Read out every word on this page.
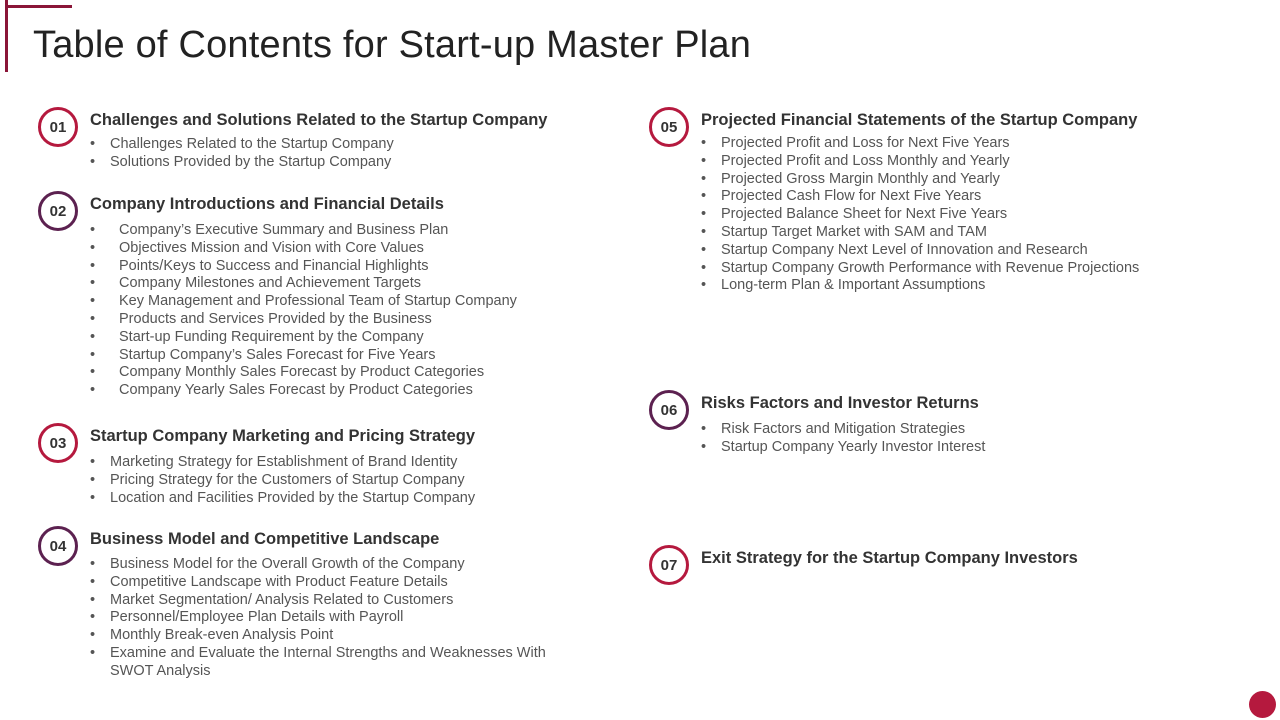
Table of Contents for Start-up Master Plan
01	Challenges and Solutions Related to the Startup Company
• Challenges Related to the Startup Company
• Solutions Provided by the Startup Company
02	Company Introductions and Financial Details
• Company’s Executive Summary and Business Plan
• Objectives Mission and Vision with Core Values
• Points/Keys to Success and Financial Highlights
• Company Milestones and Achievement Targets
• Key Management and Professional Team of Startup Company
• Products and Services Provided by the Business
• Start-up Funding Requirement by the Company
• Startup Company’s Sales Forecast for Five Years
• Company Monthly Sales Forecast by Product Categories
• Company Yearly Sales Forecast by Product Categories
03	Startup Company Marketing and Pricing Strategy
• Marketing Strategy for Establishment of Brand Identity
• Pricing Strategy for the Customers of Startup Company
• Location and Facilities Provided by the Startup Company
04	Business Model and Competitive Landscape
• Business Model for the Overall Growth of the Company
• Competitive Landscape with Product Feature Details
• Market Segmentation/ Analysis Related to Customers
• Personnel/Employee Plan Details with Payroll
• Monthly Break-even Analysis Point
• Examine and Evaluate the Internal Strengths and Weaknesses With SWOT Analysis
05	Projected Financial Statements of the Startup Company
• Projected Profit and Loss for Next Five Years
• Projected Profit and Loss Monthly and Yearly
• Projected Gross Margin Monthly and Yearly
• Projected Cash Flow for Next Five Years
• Projected Balance Sheet for Next Five Years
• Startup Target Market with SAM and TAM
• Startup Company Next Level of Innovation and Research
• Startup Company Growth Performance with Revenue Projections
• Long-term Plan & Important Assumptions
06	Risks Factors and Investor Returns
• Risk Factors and Mitigation Strategies
• Startup Company Yearly Investor Interest
07	Exit Strategy for the Startup Company Investors
